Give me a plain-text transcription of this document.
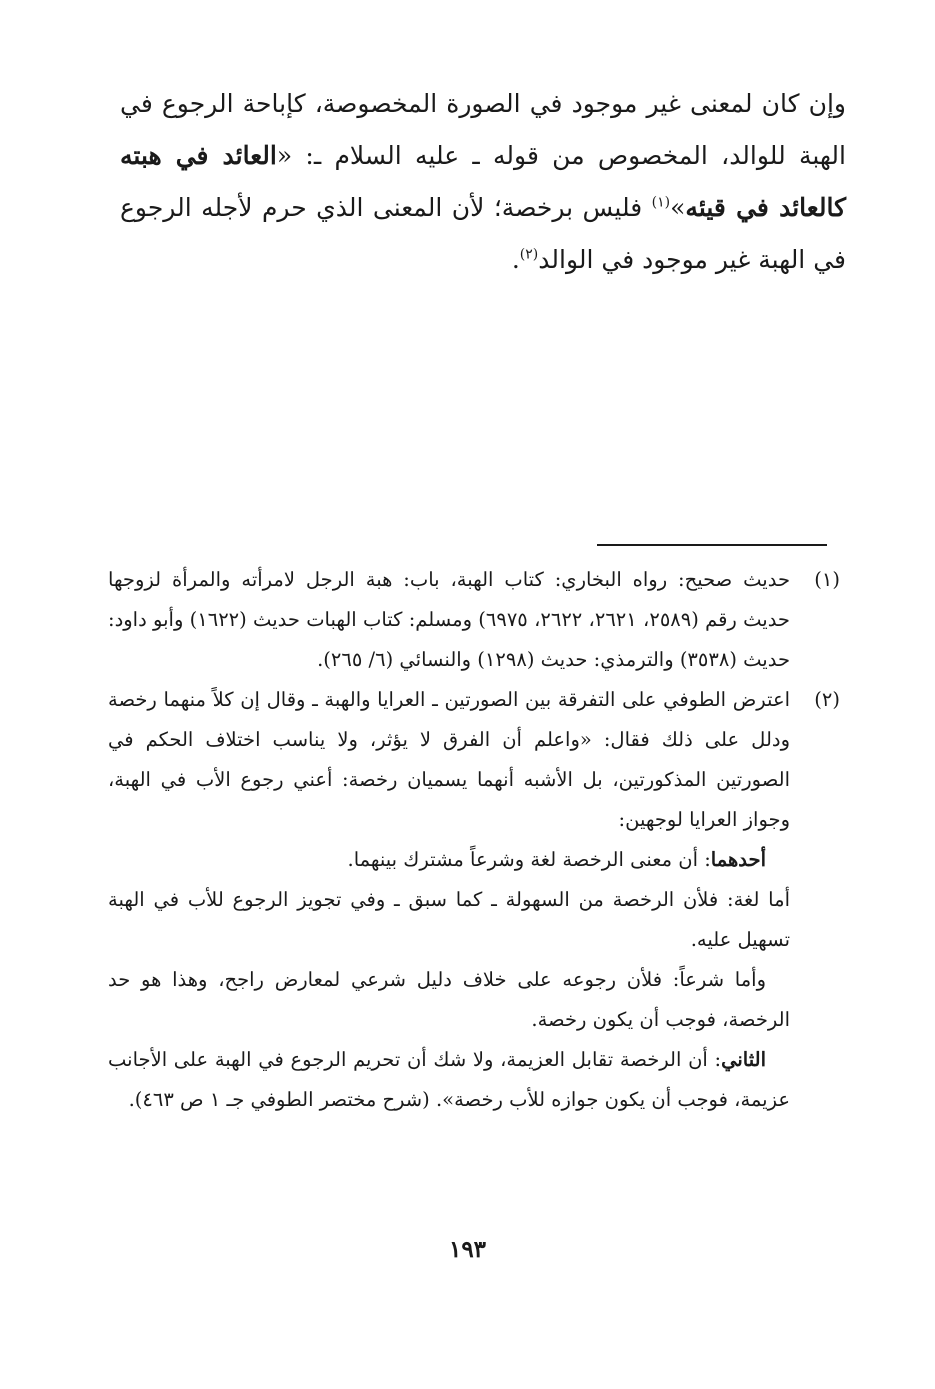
وإن كان لمعنى غير موجود في الصورة المخصوصة، كإباحة الرجوع في الهبة للوالد، المخصوص من قوله ـ عليه السلام ـ: «العائد في هبته كالعائد في قيئه»$^{(١)}$ فليس برخصة؛ لأن المعنى الذي حرم لأجله الرجوع في الهبة غير موجود في الوالد$^{(٢)}$.
(١)

حديث صحيح: رواه البخاري: كتاب الهبة، باب: هبة الرجل لامرأته والمرأة لزوجها حديث رقم (٢٥٨٩، ٢٦٢١، ٢٦٢٢، ٦٩٧٥) ومسلم: كتاب الهبات حديث (١٦٢٢) وأبو داود: حديث (٣٥٣٨) والترمذي: حديث (١٢٩٨) والنسائي (٦/ ٢٦٥).

(٢)

اعترض الطوفي على التفرقة بين الصورتين ـ العرايا والهبة ـ وقال إن كلاً منهما رخصة ودلل على ذلك فقال: «واعلم أن الفرق لا يؤثر، ولا يناسب اختلاف الحكم في الصورتين المذكورتين، بل الأشبه أنهما يسميان رخصة: أعني رجوع الأب في الهبة، وجواز العرايا لوجهين:

أحدهما: أن معنى الرخصة لغة وشرعاً مشترك بينهما.

أما لغة: فلأن الرخصة من السهولة ـ كما سبق ـ وفي تجويز الرجوع للأب في الهبة تسهيل عليه.

وأما شرعاً: فلأن رجوعه على خلاف دليل شرعي لمعارض راجح، وهذا هو حد الرخصة، فوجب أن يكون رخصة.

الثاني: أن الرخصة تقابل العزيمة، ولا شك أن تحريم الرجوع في الهبة على الأجانب عزيمة، فوجب أن يكون جوازه للأب رخصة». (شرح مختصر الطوفي جـ ١ ص ٤٦٣).

١٩٣
